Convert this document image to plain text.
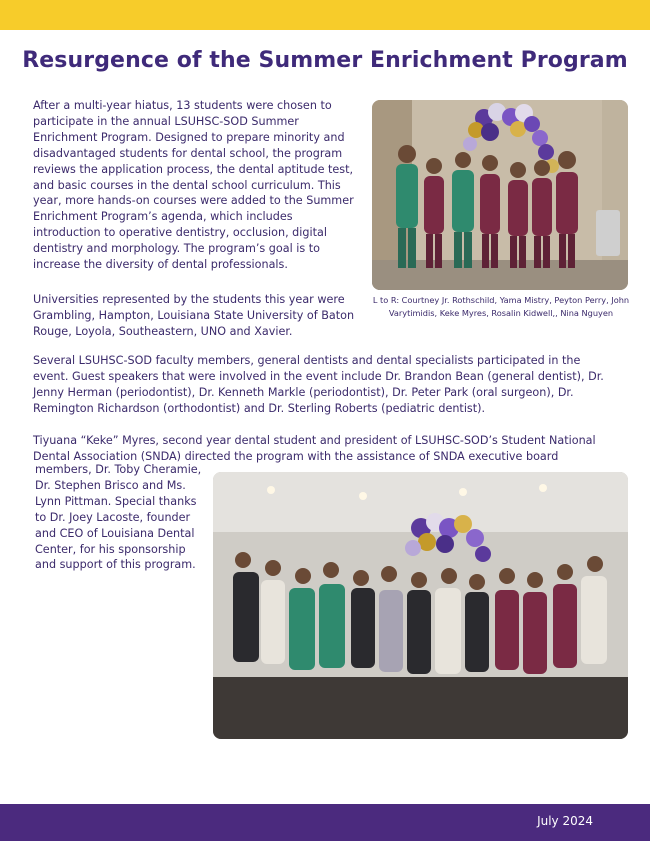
Resurgence of the Summer Enrichment Program

After a multi-year hiatus, 13 students were chosen to participate in the annual LSUHSC-SOD Summer Enrichment Program. Designed to prepare minority and disadvantaged students for dental school, the program reviews the application process, the dental aptitude test, and basic courses in the dental school curriculum. This year, more hands-on courses were added to the Summer Enrichment Program’s agenda, which includes introduction to operative dentistry, occlusion, digital dentistry and morphology. The program’s goal is to increase the diversity of dental professionals.

L to R: Courtney Jr. Rothschild, Yama Mistry, Peyton Perry, John Varytimidis, Keke Myres, Rosalin Kidwell,, Nina Nguyen

Universities represented by the students this year were Grambling, Hampton, Louisiana State University of Baton Rouge, Loyola, Southeastern, UNO and Xavier.

Several LSUHSC-SOD faculty members, general dentists and dental specialists participated in the event. Guest speakers that were involved in the event include Dr. Brandon Bean (general dentist), Dr. Jenny Herman (periodontist), Dr. Kenneth Markle (periodontist), Dr. Peter Park (oral surgeon), Dr. Remington Richardson (orthodontist) and Dr. Sterling Roberts (pediatric dentist).

Tiyuana “Keke” Myres, second year dental student and president of LSUHSC-SOD’s Student National Dental Association (SNDA) directed the program with the assistance of SNDA executive board

members, Dr. Toby Cheramie, Dr. Stephen Brisco and Ms. Lynn Pittman. Special thanks to Dr. Joey Lacoste, founder and CEO of Louisiana Dental Center, for his sponsorship and support of this program.

July 2024
